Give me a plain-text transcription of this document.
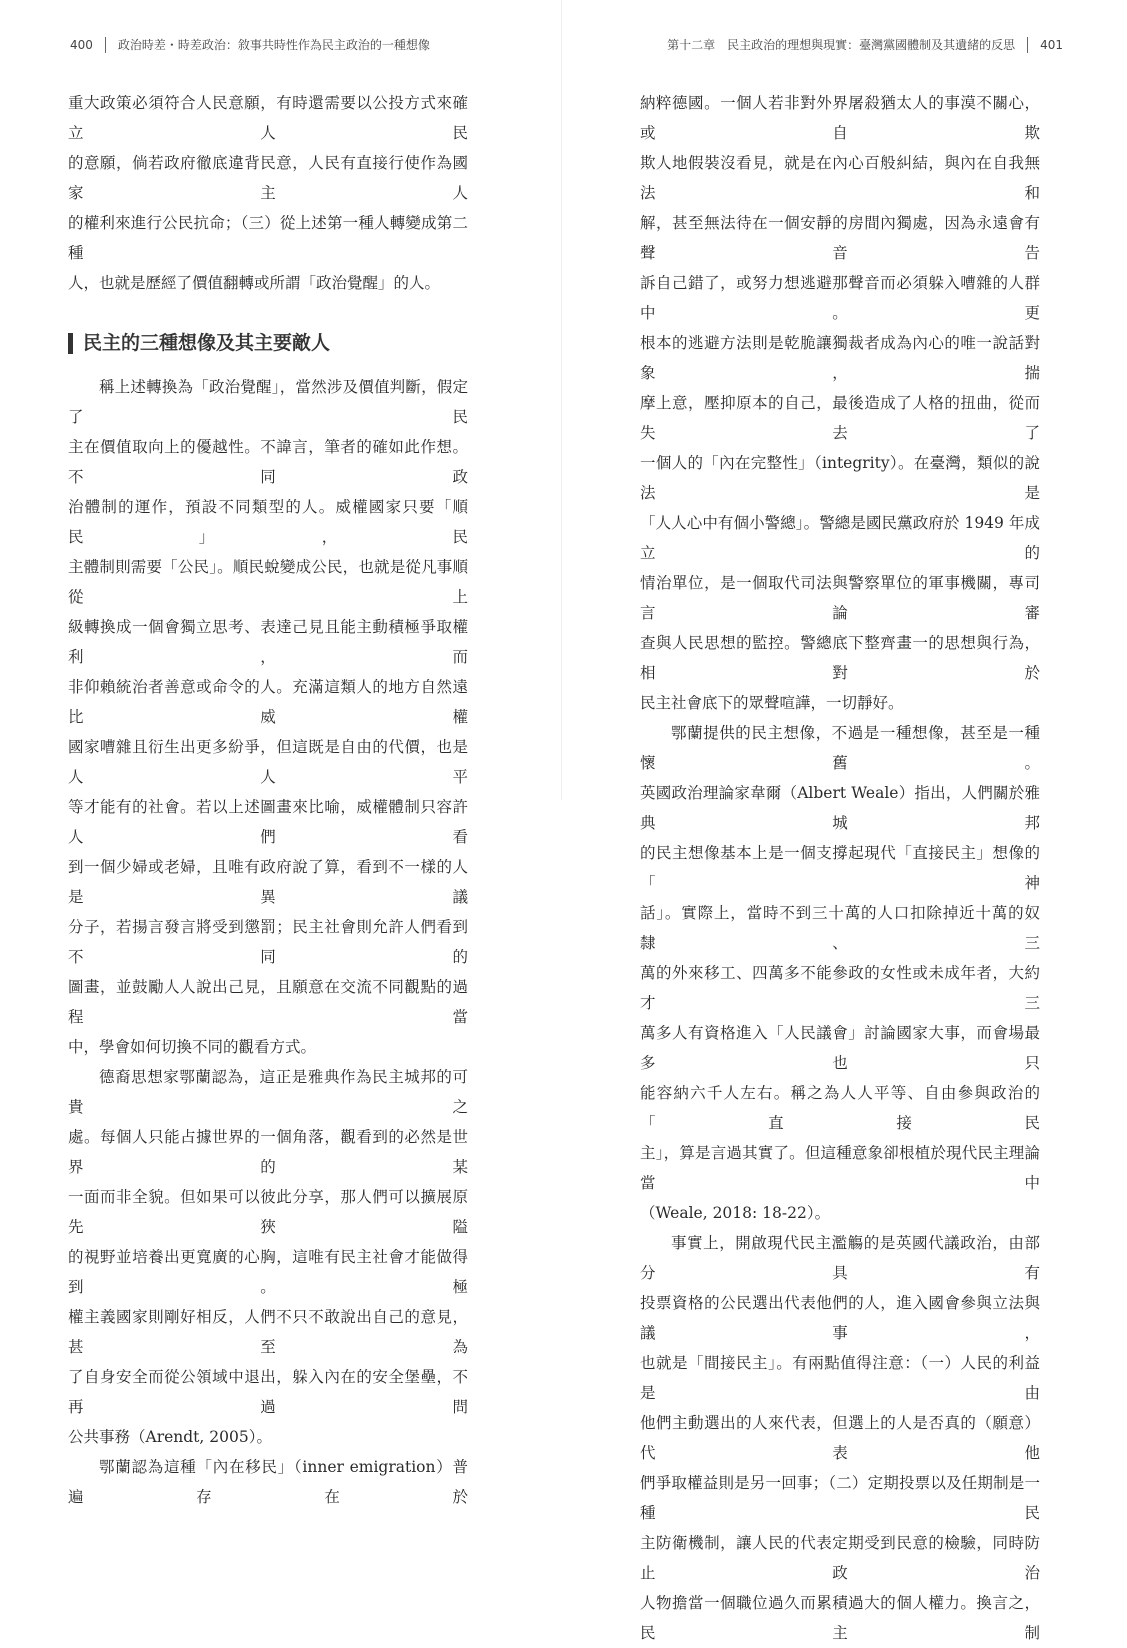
400 政治時差・時差政治：敘事共時性作為民主政治的一種想像

重大政策必須符合人民意願，有時還需要以公投方式來確立人民

的意願，倘若政府徹底違背民意，人民有直接行使作為國家主人

的權利來進行公民抗命；（三）從上述第一種人轉變成第二種

人，也就是歷經了價值翻轉或所謂「政治覺醒」的人。

民主的三種想像及其主要敵人

稱上述轉換為「政治覺醒」，當然涉及價值判斷，假定了民

主在價值取向上的優越性。不諱言，筆者的確如此作想。不同政

治體制的運作，預設不同類型的人。威權國家只要「順民」，民

主體制則需要「公民」。順民蛻變成公民，也就是從凡事順從上

級轉換成一個會獨立思考、表達己見且能主動積極爭取權利，而

非仰賴統治者善意或命令的人。充滿這類人的地方自然遠比威權

國家嘈雜且衍生出更多紛爭，但這既是自由的代價，也是人人平

等才能有的社會。若以上述圖畫來比喻，威權體制只容許人們看

到一個少婦或老婦，且唯有政府說了算，看到不一樣的人是異議

分子，若揚言發言將受到懲罰；民主社會則允許人們看到不同的

圖畫，並鼓勵人人說出己見，且願意在交流不同觀點的過程當

中，學會如何切換不同的觀看方式。

德裔思想家鄂蘭認為，這正是雅典作為民主城邦的可貴之

處。每個人只能占據世界的一個角落，觀看到的必然是世界的某

一面而非全貌。但如果可以彼此分享，那人們可以擴展原先狹隘

的視野並培養出更寬廣的心胸，這唯有民主社會才能做得到。極

權主義國家則剛好相反，人們不只不敢說出自己的意見，甚至為

了自身安全而從公領域中退出，躲入內在的安全堡壘，不再過問

公共事務（Arendt, 2005）。

鄂蘭認為這種「內在移民」（inner emigration）普遍存在於

第十二章　民主政治的理想與現實：臺灣黨國體制及其遺緒的反思 401

納粹德國。一個人若非對外界屠殺猶太人的事漠不關心，或自欺

欺人地假裝沒看見，就是在內心百般糾結，與內在自我無法和

解，甚至無法待在一個安靜的房間內獨處，因為永遠會有聲音告

訴自己錯了，或努力想逃避那聲音而必須躲入嘈雜的人群中。更

根本的逃避方法則是乾脆讓獨裁者成為內心的唯一說話對象，揣

摩上意，壓抑原本的自己，最後造成了人格的扭曲，從而失去了

一個人的「內在完整性」（integrity）。在臺灣，類似的說法是

「人人心中有個小警總」。警總是國民黨政府於 1949 年成立的

情治單位，是一個取代司法與警察單位的軍事機關，專司言論審

查與人民思想的監控。警總底下整齊畫一的思想與行為，相對於

民主社會底下的眾聲喧譁，一切靜好。

鄂蘭提供的民主想像，不過是一種想像，甚至是一種懷舊。

英國政治理論家韋爾（Albert Weale）指出，人們關於雅典城邦

的民主想像基本上是一個支撐起現代「直接民主」想像的「神

話」。實際上，當時不到三十萬的人口扣除掉近十萬的奴隸、三

萬的外來移工、四萬多不能參政的女性或未成年者，大約才三

萬多人有資格進入「人民議會」討論國家大事，而會場最多也只

能容納六千人左右。稱之為人人平等、自由參與政治的「直接民

主」，算是言過其實了。但這種意象卻根植於現代民主理論當中

（Weale, 2018: 18-22）。

事實上，開啟現代民主濫觴的是英國代議政治，由部分具有

投票資格的公民選出代表他們的人，進入國會參與立法與議事，

也就是「間接民主」。有兩點值得注意：（一）人民的利益是由

他們主動選出的人來代表，但選上的人是否真的（願意）代表他

們爭取權益則是另一回事；（二）定期投票以及任期制是一種民

主防衛機制，讓人民的代表定期受到民意的檢驗，同時防止政治

人物擔當一個職位過久而累積過大的個人權力。換言之，民主制
